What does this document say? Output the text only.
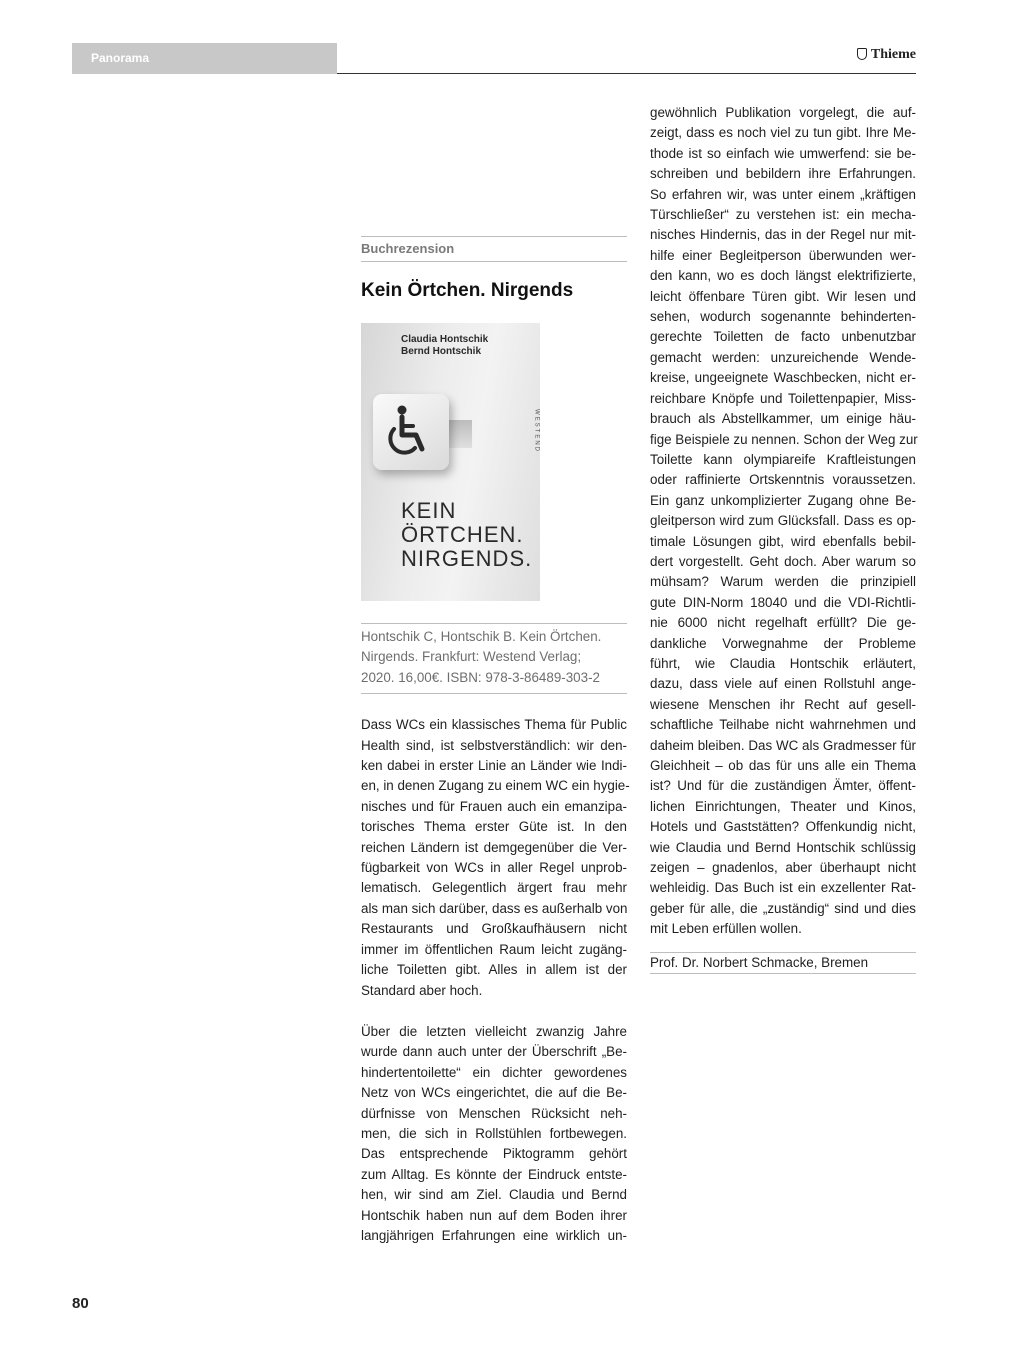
Panorama	Thieme
Buchrezension
Kein Örtchen. Nirgends
Claudia Hontschik
Bernd Hontschik
WESTEND
KEIN
ÖRTCHEN.
NIRGENDS.
Hontschik C, Hontschik B. Kein Örtchen.
Nirgends. Frankfurt: Westend Verlag;
2020. 16,00€. ISBN: 978-3-86489-303-2
Dass WCs ein klassisches Thema für Public
Health sind, ist selbstverständlich: wir den-
ken dabei in erster Linie an Länder wie Indi-
en, in denen Zugang zu einem WC ein hygie-
nisches und für Frauen auch ein emanzipa-
torisches Thema erster Güte ist. In den
reichen Ländern ist demgegenüber die Ver-
fügbarkeit von WCs in aller Regel unprob-
lematisch. Gelegentlich ärgert frau mehr
als man sich darüber, dass es außerhalb von
Restaurants und Großkaufhäusern nicht
immer im öffentlichen Raum leicht zugäng-
liche Toiletten gibt. Alles in allem ist der
Standard aber hoch.
Über die letzten vielleicht zwanzig Jahre
wurde dann auch unter der Überschrift „Be-
hindertentoilette“ ein dichter gewordenes
Netz von WCs eingerichtet, die auf die Be-
dürfnisse von Menschen Rücksicht neh-
men, die sich in Rollstühlen fortbewegen.
Das entsprechende Piktogramm gehört
zum Alltag. Es könnte der Eindruck entste-
hen, wir sind am Ziel. Claudia und Bernd
Hontschik haben nun auf dem Boden ihrer
langjährigen Erfahrungen eine wirklich un-
gewöhnlich Publikation vorgelegt, die auf-
zeigt, dass es noch viel zu tun gibt. Ihre Me-
thode ist so einfach wie umwerfend: sie be-
schreiben und bebildern ihre Erfahrungen.
So erfahren wir, was unter einem „kräftigen
Türschließer“ zu verstehen ist: ein mecha-
nisches Hindernis, das in der Regel nur mit-
hilfe einer Begleitperson überwunden wer-
den kann, wo es doch längst elektrifizierte,
leicht öffenbare Türen gibt. Wir lesen und
sehen, wodurch sogenannte behinderten-
gerechte Toiletten de facto unbenutzbar
gemacht werden: unzureichende Wende-
kreise, ungeeignete Waschbecken, nicht er-
reichbare Knöpfe und Toilettenpapier, Miss-
brauch als Abstellkammer, um einige häu-
fige Beispiele zu nennen. Schon der Weg zur
Toilette kann olympiareife Kraftleistungen
oder raffinierte Ortskenntnis voraussetzen.
Ein ganz unkomplizierter Zugang ohne Be-
gleitperson wird zum Glücksfall. Dass es op-
timale Lösungen gibt, wird ebenfalls bebil-
dert vorgestellt. Geht doch. Aber warum so
mühsam? Warum werden die prinzipiell
gute DIN-Norm 18040 und die VDI-Richtli-
nie 6000 nicht regelhaft erfüllt? Die ge-
dankliche Vorwegnahme der Probleme
führt, wie Claudia Hontschik erläutert,
dazu, dass viele auf einen Rollstuhl ange-
wiesene Menschen ihr Recht auf gesell-
schaftliche Teilhabe nicht wahrnehmen und
daheim bleiben. Das WC als Gradmesser für
Gleichheit – ob das für uns alle ein Thema
ist? Und für die zuständigen Ämter, öffent-
lichen Einrichtungen, Theater und Kinos,
Hotels und Gaststätten? Offenkundig nicht,
wie Claudia und Bernd Hontschik schlüssig
zeigen – gnadenlos, aber überhaupt nicht
wehleidig. Das Buch ist ein exzellenter Rat-
geber für alle, die „zuständig“ sind und dies
mit Leben erfüllen wollen.
Prof. Dr. Norbert Schmacke, Bremen
80
